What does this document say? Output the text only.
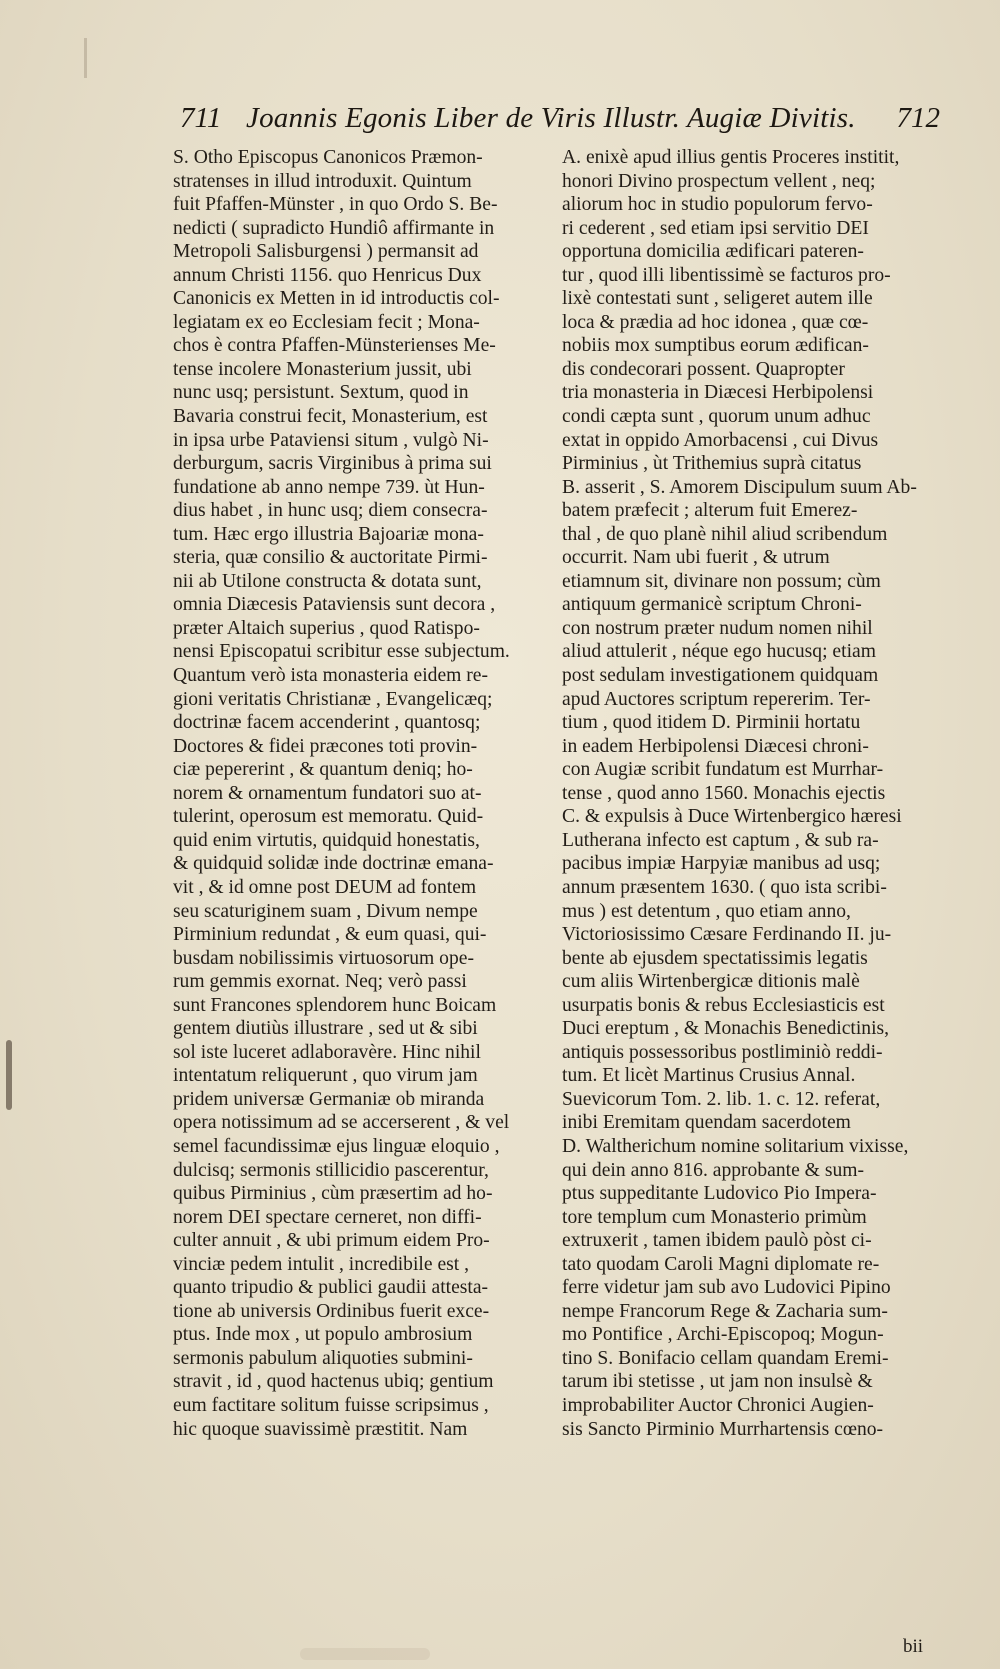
711 Joannis Egonis Liber de Viris Illustr. Augiæ Divitis. 712
S. Otho Episcopus Canonicos Præmon-
stratenses in illud introduxit. Quintum
fuit Pfaffen-Münster , in quo Ordo S. Be-
nedicti ( supradicto Hundiô affirmante in
Metropoli Salisburgensi ) permansit ad
annum Christi 1156. quo Henricus Dux
Canonicis ex Metten in id introductis col-
legiatam ex eo Ecclesiam fecit ; Mona-
chos è contra Pfaffen-Münsterienses Me-
tense incolere Monasterium jussit, ubi
nunc usq; persistunt. Sextum, quod in
Bavaria construi fecit, Monasterium, est
in ipsa urbe Pataviensi situm , vulgò Ni-
derburgum, sacris Virginibus à prima sui
fundatione ab anno nempe 739. ùt Hun-
dius habet , in hunc usq; diem consecra-
tum. Hæc ergo illustria Bajoariæ mona-
steria, quæ consilio & auctoritate Pirmi-
nii ab Utilone constructa & dotata sunt,
omnia Diæcesis Pataviensis sunt decora ,
præter Altaich superius , quod Ratispo-
nensi Episcopatui scribitur esse subjectum.
Quantum verò ista monasteria eidem re-
gioni veritatis Christianæ , Evangelicæq;
doctrinæ facem accenderint , quantosq;
Doctores & fidei præcones toti provin-
ciæ pepererint , & quantum deniq; ho-
norem & ornamentum fundatori suo at-
tulerint, operosum est memoratu. Quid-
quid enim virtutis, quidquid honestatis,
& quidquid solidæ inde doctrinæ emana-
vit , & id omne post DEUM ad fontem
seu scaturiginem suam , Divum nempe
Pirminium redundat , & eum quasi, qui-
busdam nobilissimis virtuosorum ope-
rum gemmis exornat. Neq; verò passi
sunt Francones splendorem hunc Boicam
gentem diutiùs illustrare , sed ut & sibi
sol iste luceret adlaboravère. Hinc nihil
intentatum reliquerunt , quo virum jam
pridem universæ Germaniæ ob miranda
opera notissimum ad se accerserent , & vel
semel facundissimæ ejus linguæ eloquio ,
dulcisq; sermonis stillicidio pascerentur,
quibus Pirminius , cùm præsertim ad ho-
norem DEI spectare cerneret, non diffi-
culter annuit , & ubi primum eidem Pro-
vinciæ pedem intulit , incredibile est ,
quanto tripudio & publici gaudii attesta-
tione ab universis Ordinibus fuerit exce-
ptus. Inde mox , ut populo ambrosium
sermonis pabulum aliquoties submini-
stravit , id , quod hactenus ubiq; gentium
eum factitare solitum fuisse scripsimus ,
hic quoque suavissimè præstitit. Nam
A. enixè apud illius gentis Proceres institit,
honori Divino prospectum vellent , neq;
aliorum hoc in studio populorum fervo-
ri cederent , sed etiam ipsi servitio DEI
opportuna domicilia ædificari pateren-
tur , quod illi libentissimè se facturos pro-
lixè contestati sunt , seligeret autem ille
loca & prædia ad hoc idonea , quæ cœ-
nobiis mox sumptibus eorum ædifican-
dis condecorari possent. Quapropter
tria monasteria in Diæcesi Herbipolensi
condi cæpta sunt , quorum unum adhuc
extat in oppido Amorbacensi , cui Divus
Pirminius , ùt Trithemius suprà citatus
B. asserit , S. Amorem Discipulum suum Ab-
batem præfecit ; alterum fuit Emerez-
thal , de quo planè nihil aliud scribendum
occurrit. Nam ubi fuerit , & utrum
etiamnum sit, divinare non possum; cùm
antiquum germanicè scriptum Chroni-
con nostrum præter nudum nomen nihil
aliud attulerit , néque ego hucusq; etiam
post sedulam investigationem quidquam
apud Auctores scriptum repererim. Ter-
tium , quod itidem D. Pirminii hortatu
in eadem Herbipolensi Diæcesi chroni-
con Augiæ scribit fundatum est Murrhar-
tense , quod anno 1560. Monachis ejectis
C. & expulsis à Duce Wirtenbergico hæresi
Lutherana infecto est captum , & sub ra-
pacibus impiæ Harpyiæ manibus ad usq;
annum præsentem 1630. ( quo ista scribi-
mus ) est detentum , quo etiam anno,
Victoriosissimo Cæsare Ferdinando II. ju-
bente ab ejusdem spectatissimis legatis
cum aliis Wirtenbergicæ ditionis malè
usurpatis bonis & rebus Ecclesiasticis est
Duci ereptum , & Monachis Benedictinis,
antiquis possessoribus postliminiò reddi-
tum. Et licèt Martinus Crusius Annal.
Suevicorum Tom. 2. lib. 1. c. 12. referat,
inibi Eremitam quendam sacerdotem
D. Waltherichum nomine solitarium vixisse,
qui dein anno 816. approbante & sum-
ptus suppeditante Ludovico Pio Impera-
tore templum cum Monasterio primùm
extruxerit , tamen ibidem paulò pòst ci-
tato quodam Caroli Magni diplomate re-
ferre videtur jam sub avo Ludovici Pipino
nempe Francorum Rege & Zacharia sum-
mo Pontifice , Archi-Episcopoq; Mogun-
tino S. Bonifacio cellam quandam Eremi-
tarum ibi stetisse , ut jam non insulsè &
improbabiliter Auctor Chronici Augien-
sis Sancto Pirminio Murrhartensis cœno-
bii
